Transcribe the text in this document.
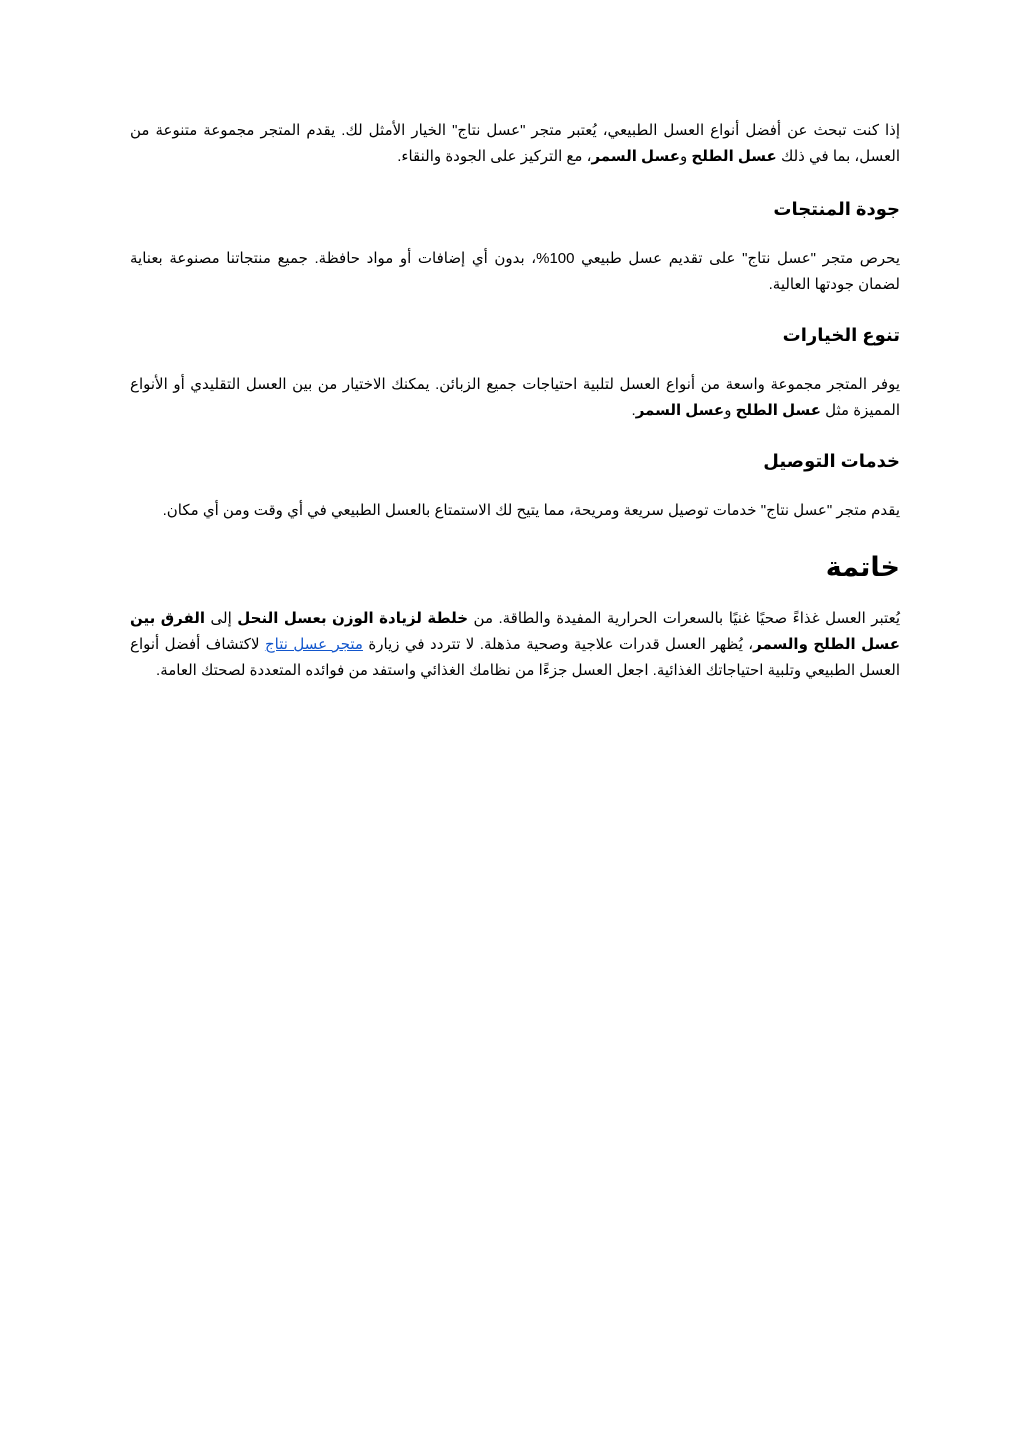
إذا كنت تبحث عن أفضل أنواع العسل الطبيعي، يُعتبر متجر "عسل نتاج" الخيار الأمثل لك. يقدم المتجر مجموعة متنوعة من العسل، بما في ذلك عسل الطلح وعسل السمر، مع التركيز على الجودة والنقاء.

جودة المنتجات

يحرص متجر "عسل نتاج" على تقديم عسل طبيعي 100%، بدون أي إضافات أو مواد حافظة. جميع منتجاتنا مصنوعة بعناية لضمان جودتها العالية.

تنوع الخيارات

يوفر المتجر مجموعة واسعة من أنواع العسل لتلبية احتياجات جميع الزبائن. يمكنك الاختيار من بين العسل التقليدي أو الأنواع المميزة مثل عسل الطلح وعسل السمر.

خدمات التوصيل

يقدم متجر "عسل نتاج" خدمات توصيل سريعة ومريحة، مما يتيح لك الاستمتاع بالعسل الطبيعي في أي وقت ومن أي مكان.

خاتمة

يُعتبر العسل غذاءً صحيًا غنيًا بالسعرات الحرارية المفيدة والطاقة. من خلطة لزيادة الوزن بعسل النحل إلى الفرق بين عسل الطلح والسمر، يُظهر العسل قدرات علاجية وصحية مذهلة. لا تتردد في زيارة متجر عسل نتاج لاكتشاف أفضل أنواع العسل الطبيعي وتلبية احتياجاتك الغذائية. اجعل العسل جزءًا من نظامك الغذائي واستفد من فوائده المتعددة لصحتك العامة.
